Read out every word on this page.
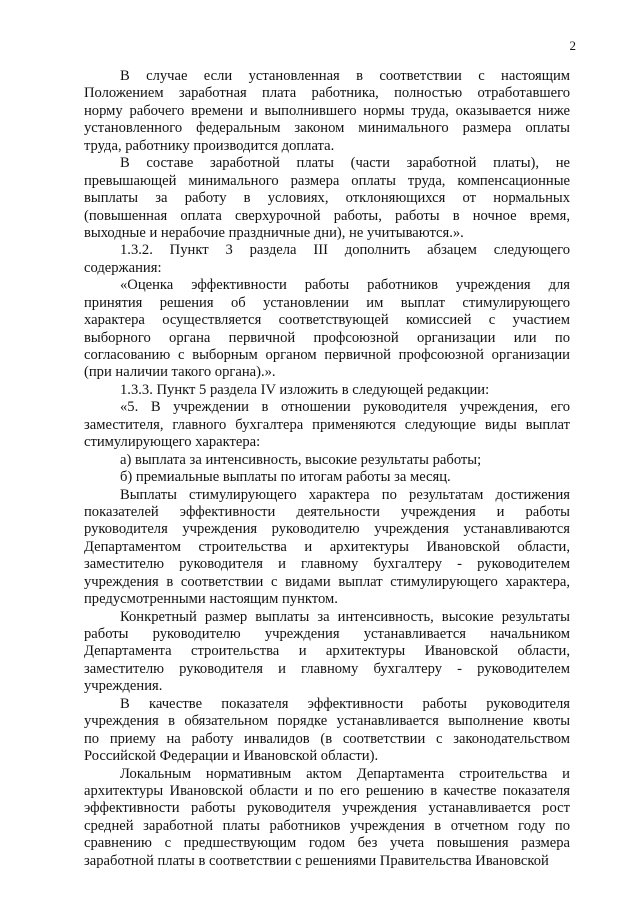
2
В случае если установленная в соответствии с настоящим
Положением заработная плата работника, полностью отработавшего
норму рабочего времени и выполнившего нормы труда, оказывается ниже
установленного федеральным законом минимального размера оплаты
труда, работнику производится доплата.
В составе заработной платы (части заработной платы), не
превышающей минимального размера оплаты труда, компенсационные
выплаты за работу в условиях, отклоняющихся от нормальных
(повышенная оплата сверхурочной работы, работы в ночное время,
выходные и нерабочие праздничные дни), не учитываются.».
1.3.2. Пункт 3 раздела III дополнить абзацем следующего
содержания:
«Оценка эффективности работы работников учреждения для
принятия решения об установлении им выплат стимулирующего
характера осуществляется соответствующей комиссией с участием
выборного органа первичной профсоюзной организации или по
согласованию с выборным органом первичной профсоюзной организации
(при наличии такого органа).».
1.3.3. Пункт 5 раздела IV изложить в следующей редакции:
«5. В учреждении в отношении руководителя учреждения, его
заместителя, главного бухгалтера применяются следующие виды выплат
стимулирующего характера:
а) выплата за интенсивность, высокие результаты работы;
б) премиальные выплаты по итогам работы за месяц.
Выплаты стимулирующего характера по результатам достижения
показателей эффективности деятельности учреждения и работы
руководителя учреждения руководителю учреждения устанавливаются
Департаментом строительства и архитектуры Ивановской области,
заместителю руководителя и главному бухгалтеру - руководителем
учреждения в соответствии с видами выплат стимулирующего характера,
предусмотренными настоящим пунктом.
Конкретный размер выплаты за интенсивность, высокие результаты
работы руководителю учреждения устанавливается начальником
Департамента строительства и архитектуры Ивановской области,
заместителю руководителя и главному бухгалтеру - руководителем
учреждения.
В качестве показателя эффективности работы руководителя
учреждения в обязательном порядке устанавливается выполнение квоты
по приему на работу инвалидов (в соответствии с законодательством
Российской Федерации и Ивановской области).
Локальным нормативным актом Департамента строительства и
архитектуры Ивановской области и по его решению в качестве показателя
эффективности работы руководителя учреждения устанавливается рост
средней заработной платы работников учреждения в отчетном году по
сравнению с предшествующим годом без учета повышения размера
заработной платы в соответствии с решениями Правительства Ивановской
